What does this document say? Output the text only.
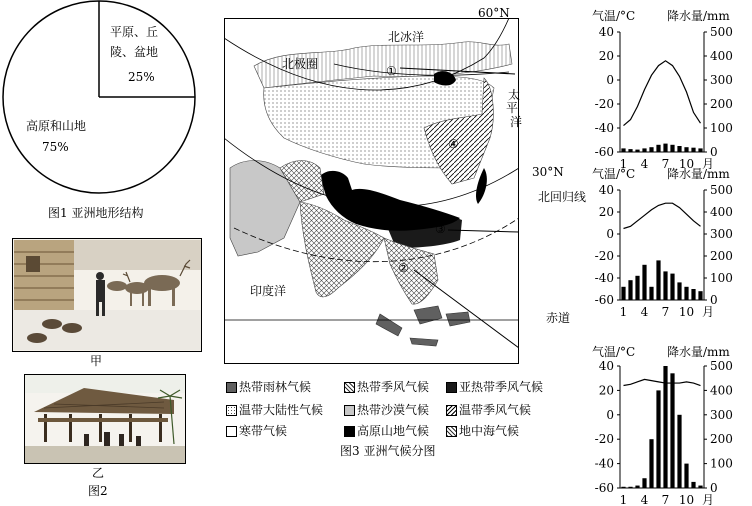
平原、丘
陵、盆地
25%
高原和山地
75%
图1 亚洲地形结构
甲
乙
图2
60°N
北冰洋
北极圈	①
太
平
洋
④
30°N
北回归线
③
②
印度洋
赤道
热带雨林气候	热带季风气候 亚热带季风气候
温带大陆性气候	热带沙漠气候 温带季风气候
寒带气候	高原山地气候 地中海气候
图3 亚洲气候分图
气温/°C	降水量/mm
40
20
0
-20
-40
-60
500
400
300
200
100
0
1 4 7 10 月
气温/°C	降水量/mm
40
20
0
-20
-40
-60
500
400
300
200
100
0
1 4 7 10 月
气温/°C	降水量/mm
40
20
0
-20
-40
-60
500
400
300
200
100
0
1 4 7 10 月
